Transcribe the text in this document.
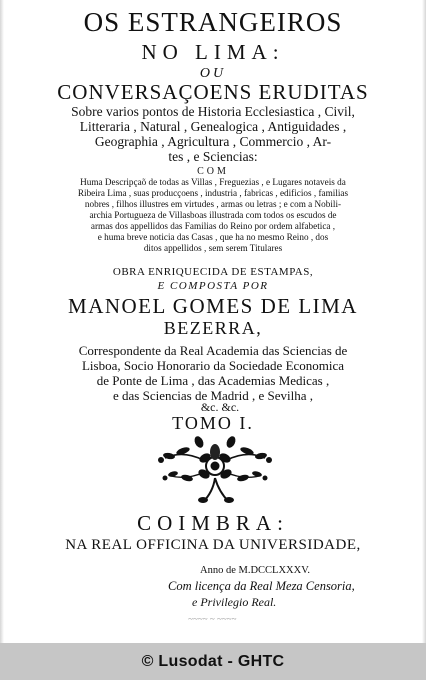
OS ESTRANGEIROS
NO LIMA:
OU
CONVERSAÇOENS ERUDITAS
Sobre varios pontos de Historia Ecclesiastica , Civil,
Litteraria , Natural , Genealogica , Antiguidades ,
Geographia , Agricultura , Commercio , Ar-
tes , e Sciencias:
COM
Huma Descripçaõ de todas as Villas , Freguezias , e Lugares notaveis da
Ribeira Lima , suas producçoens , industria , fabricas , edificios , familias
nobres , filhos illustres em virtudes , armas ou letras ; e com a Nobili-
archia Portugueza de Villasboas illustrada com todos os escudos de
armas dos appellidos das Familias do Reino por ordem alfabetica ,
e huma breve noticia das Casas , que ha no mesmo Reino , dos
ditos appellidos , sem serem Titulares
OBRA ENRIQUECIDA DE ESTAMPAS,
E COMPOSTA POR
MANOEL GOMES DE LIMA
BEZERRA,
Correspondente da Real Academia das Sciencias de
Lisboa, Socio Honorario da Sociedade Economica
de Ponte de Lima , das Academias Medicas ,
e das Sciencias de Madrid , e Sevilha ,
&c. &c.
TOMO I.
COIMBRA:
NA REAL OFFICINA DA UNIVERSIDADE,
Anno de M.DCCLXXXV.
Com licença da Real Meza Censoria,
e Privilegio Real.
~~~~ ~ ~~~~
© Lusodat - GHTC
